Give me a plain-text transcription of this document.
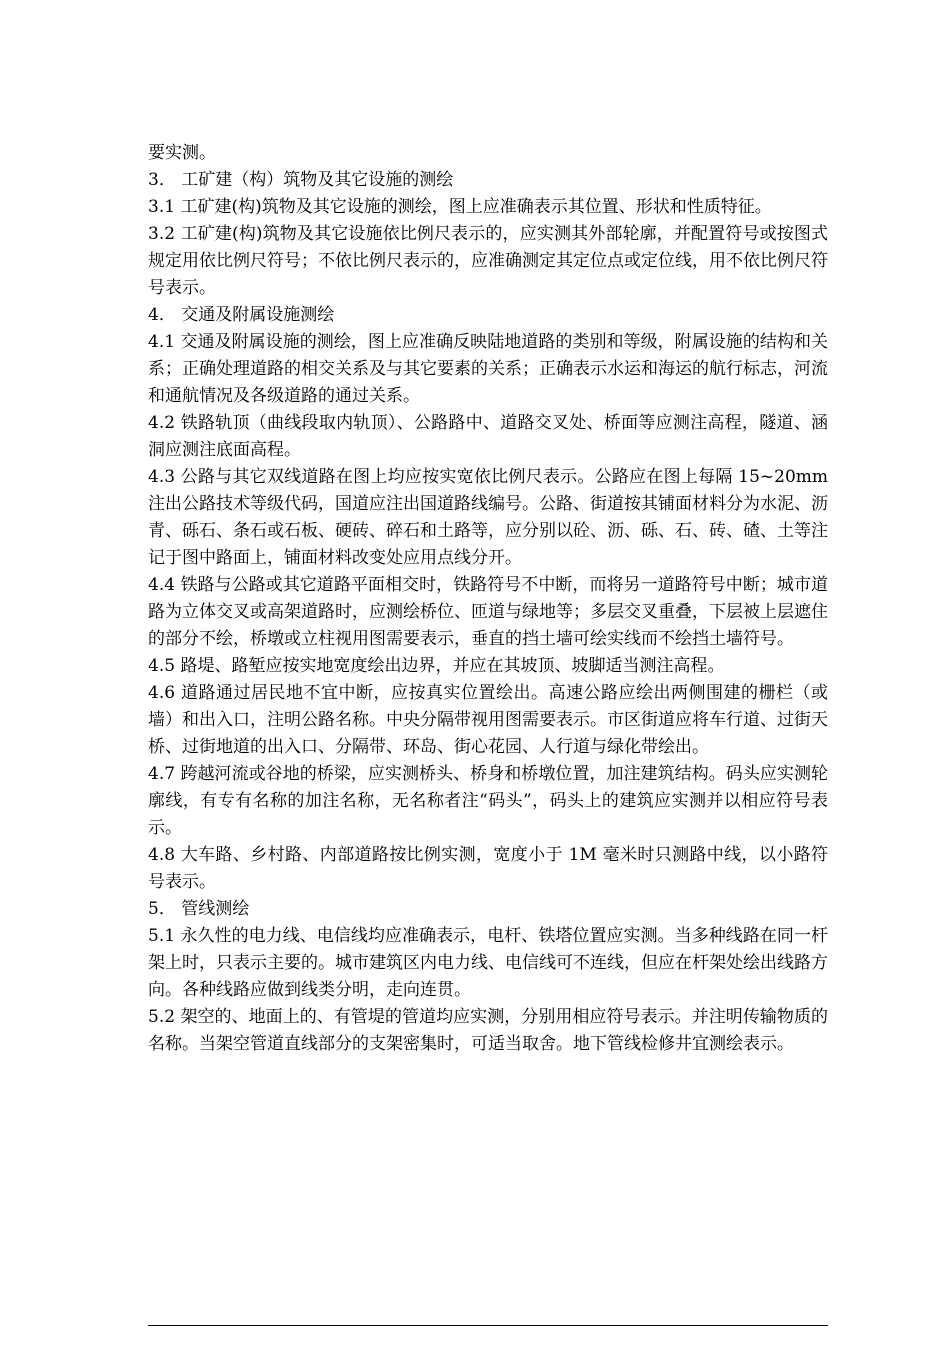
要实测。

3． 工矿建（构）筑物及其它设施的测绘

3.1 工矿建(构)筑物及其它设施的测绘，图上应准确表示其位置、形状和性质特征。

3.2 工矿建(构)筑物及其它设施依比例尺表示的，应实测其外部轮廓，并配置符号或按图式规定用依比例尺符号；不依比例尺表示的，应准确测定其定位点或定位线，用不依比例尺符号表示。

4． 交通及附属设施测绘

4.1 交通及附属设施的测绘，图上应准确反映陆地道路的类别和等级，附属设施的结构和关系；正确处理道路的相交关系及与其它要素的关系；正确表示水运和海运的航行标志，河流和通航情况及各级道路的通过关系。

4.2 铁路轨顶（曲线段取内轨顶）、公路路中、道路交叉处、桥面等应测注高程，隧道、涵洞应测注底面高程。

4.3 公路与其它双线道路在图上均应按实宽依比例尺表示。公路应在图上每隔 15~20mm 注出公路技术等级代码，国道应注出国道路线编号。公路、街道按其铺面材料分为水泥、沥青、砾石、条石或石板、硬砖、碎石和土路等，应分别以砼、沥、砾、石、砖、碴、土等注记于图中路面上，铺面材料改变处应用点线分开。

4.4 铁路与公路或其它道路平面相交时，铁路符号不中断，而将另一道路符号中断；城市道路为立体交叉或高架道路时，应测绘桥位、匝道与绿地等；多层交叉重叠，下层被上层遮住的部分不绘，桥墩或立柱视用图需要表示，垂直的挡土墙可绘实线而不绘挡土墙符号。

4.5 路堤、路堑应按实地宽度绘出边界，并应在其坡顶、坡脚适当测注高程。

4.6 道路通过居民地不宜中断，应按真实位置绘出。高速公路应绘出两侧围建的栅栏（或墙）和出入口，注明公路名称。中央分隔带视用图需要表示。市区街道应将车行道、过街天桥、过街地道的出入口、分隔带、环岛、街心花园、人行道与绿化带绘出。

4.7 跨越河流或谷地的桥梁，应实测桥头、桥身和桥墩位置，加注建筑结构。码头应实测轮廓线，有专有名称的加注名称，无名称者注“码头”，码头上的建筑应实测并以相应符号表示。

4.8 大车路、乡村路、内部道路按比例实测，宽度小于 1M 毫米时只测路中线，以小路符号表示。

5． 管线测绘

5.1 永久性的电力线、电信线均应准确表示，电杆、铁塔位置应实测。当多种线路在同一杆架上时，只表示主要的。城市建筑区内电力线、电信线可不连线，但应在杆架处绘出线路方向。各种线路应做到线类分明，走向连贯。

5.2 架空的、地面上的、有管堤的管道均应实测，分别用相应符号表示。并注明传输物质的名称。当架空管道直线部分的支架密集时，可适当取舍。地下管线检修井宜测绘表示。
